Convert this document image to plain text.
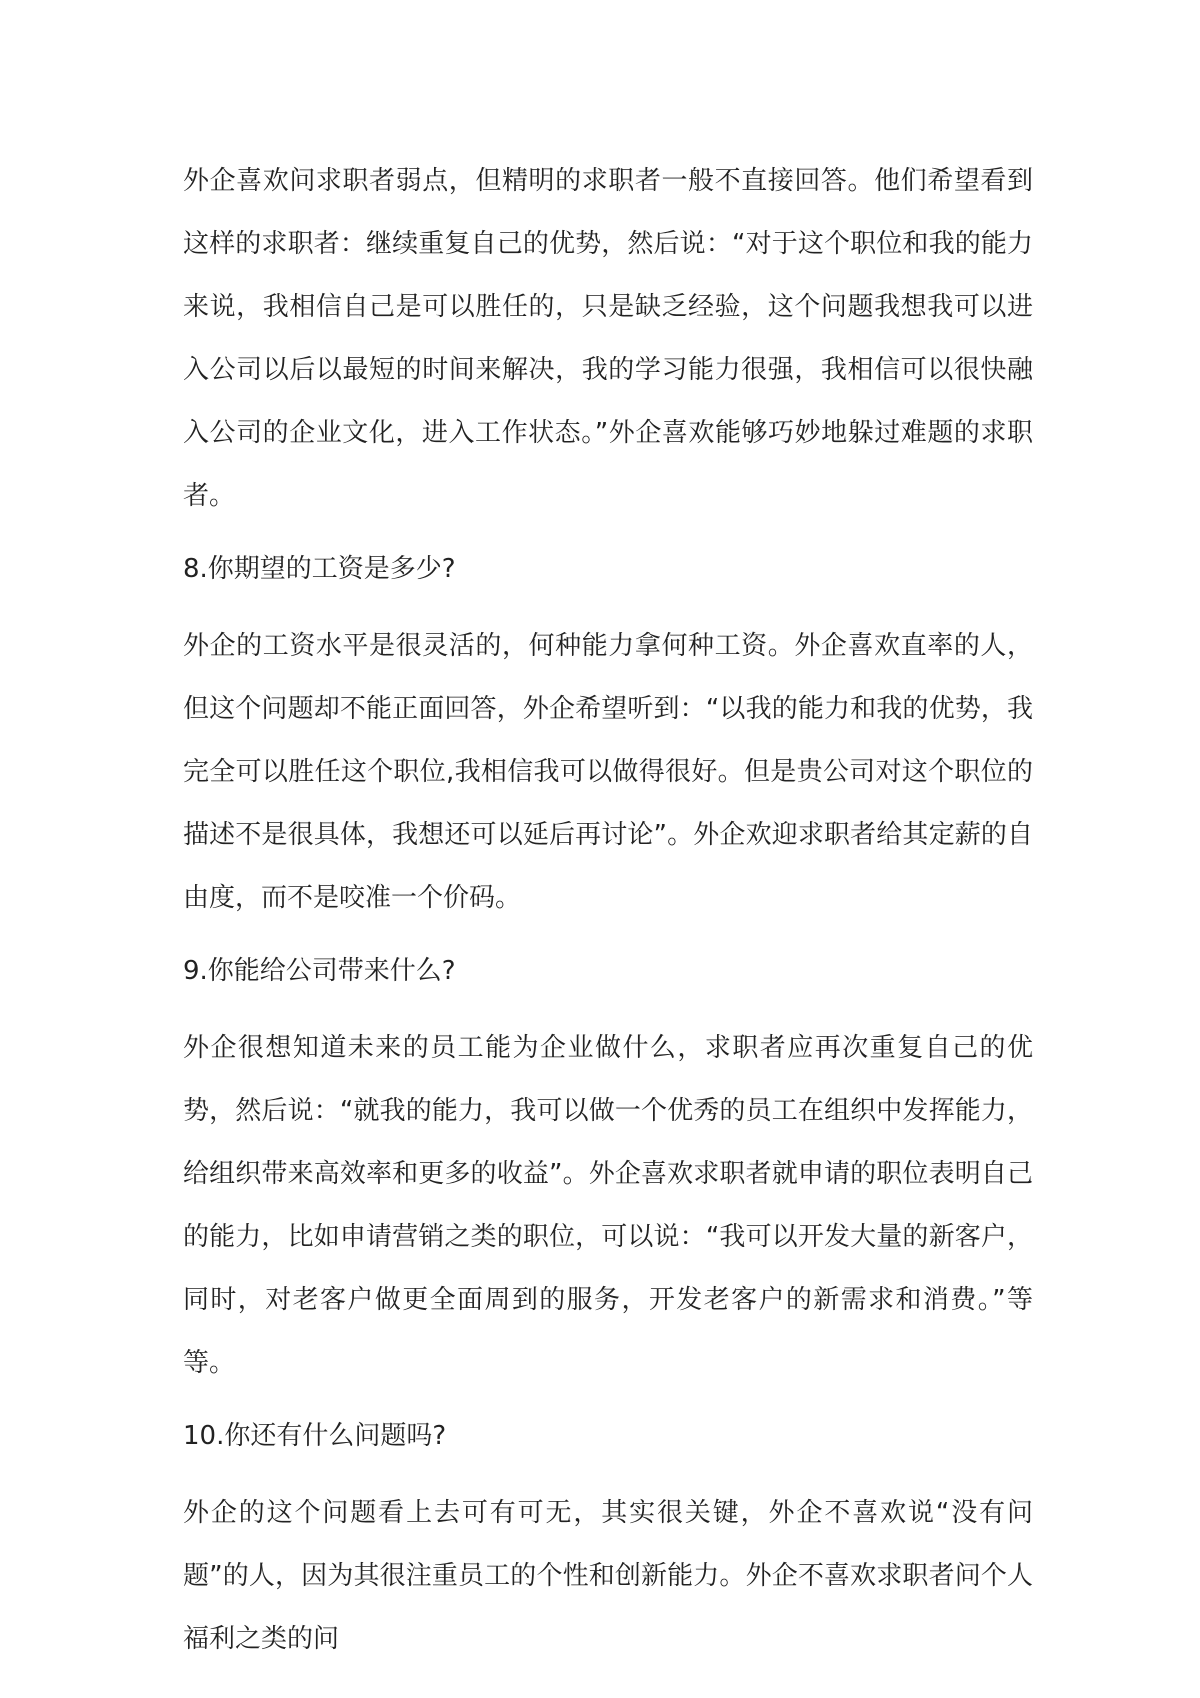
外企喜欢问求职者弱点，但精明的求职者一般不直接回答。他们希望看到这样的求职者：继续重复自己的优势，然后说：“对于这个职位和我的能力来说，我相信自己是可以胜任的，只是缺乏经验，这个问题我想我可以进入公司以后以最短的时间来解决，我的学习能力很强，我相信可以很快融入公司的企业文化，进入工作状态。”外企喜欢能够巧妙地躲过难题的求职者。

8.你期望的工资是多少?

外企的工资水平是很灵活的，何种能力拿何种工资。外企喜欢直率的人，但这个问题却不能正面回答，外企希望听到：“以我的能力和我的优势，我完全可以胜任这个职位,我相信我可以做得很好。但是贵公司对这个职位的描述不是很具体，我想还可以延后再讨论”。外企欢迎求职者给其定薪的自由度，而不是咬准一个价码。

9.你能给公司带来什么?

外企很想知道未来的员工能为企业做什么，求职者应再次重复自己的优势，然后说：“就我的能力，我可以做一个优秀的员工在组织中发挥能力，给组织带来高效率和更多的收益”。外企喜欢求职者就申请的职位表明自己的能力，比如申请营销之类的职位，可以说：“我可以开发大量的新客户，同时，对老客户做更全面周到的服务，开发老客户的新需求和消费。”等等。

10.你还有什么问题吗?

外企的这个问题看上去可有可无，其实很关键，外企不喜欢说“没有问题”的人，因为其很注重员工的个性和创新能力。外企不喜欢求职者问个人福利之类的问
